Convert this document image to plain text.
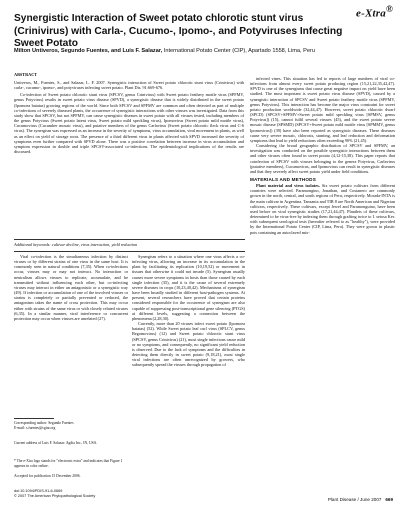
e-Xtra®
Synergistic Interaction of Sweet potato chlorotic stunt virus (Crinivirus) with Carla-, Cucumo-, Ipomo-, and Potyviruses Infecting Sweet Potato
Milton Untiveros, Segundo Fuentes, and Luis F. Salazar, International Potato Center (CIP), Apartado 1558, Lima, Peru

ABSTRACT

Untiveros, M., Fuentes, S., and Salazar, L. F. 2007. Synergistic interaction of Sweet potato chlorotic stunt virus (Crinivirus) with carla-, cucumo-, ipomo-, and potyviruses infecting sweet potato. Plant Dis. 91:669-676.

Co-infection of Sweet potato chlorotic stunt virus (SPCSV, genus Crinivirus) with Sweet potato feathery mottle virus (SPFMV, genus Potyvirus) results in sweet potato virus disease (SPVD), a synergistic disease that is widely distributed in the sweet potato (Ipomoea batatas) growing regions of the world. Since both SPCSV and SPFMV are common and often detected as part of multiple co-infections of severely diseased plants, the occurrence of synergistic interactions with other viruses was investigated. Data from this study show that SPCSV, but not SPFMV, can cause synergistic diseases in sweet potato with all viruses tested, including members of the genus Potyvirus (Sweet potato latent virus, Sweet potato mild speckling virus), Ipomovirus (Sweet potato mild mottle virus), Cucumovirus (Cucumber mosaic virus), and putative members of the genus Carlavirus (Sweet potato chlorotic fleck virus and C-6 virus). The synergism was expressed as an increase in the severity of symptoms, virus accumulation, viral movement in plants, as well as an effect on yield of storage roots. The presence of a third different virus in plants affected with SPVD increased the severity of symptoms even further compared with SPVD alone. There was a positive correlation between increase in virus accumulation and symptom expression in double and triple SPCSV-associated co-infections. The epidemiological implications of the results are discussed.

Additional keywords: cultivar decline, virus interaction, yield reduction

Viral co-infection is the simultaneous infection by distinct viruses or by different strains of one virus in the same host. It is commonly seen in natural conditions (7,35). When co-infections occur, viruses may or may not interact. No interaction or neutralism allows viruses to replicate, accumulate, and be transmitted without influencing each other, but co-infecting viruses may interact in either an antagonistic or a synergistic way (49). If infection or accumulation of one of the involved viruses or strains is completely or partially prevented or reduced, the antagonism takes the name of cross protection. This may occur either with strains of the same virus or with closely related viruses (6,35). In a similar manner, viral interference or concurrent protection may occur when viruses are unrelated (27).

Synergism refers to a situation where one virus affects a co-infecting virus, allowing an increase in its accumulation in the plant by facilitating its replication (10,19,52) or movement in tissues that otherwise it could not invade (5). Synergism usually causes more severe symptoms in hosts than those caused by each single infection (35), and it is the cause of several extremely severe diseases in crops (10,23,40,42). Mechanisms of synergism have been broadly studied in different host-pathogen systems. At present, several researchers have proved that certain proteins considered responsible for the occurrence of synergism are also capable of suppressing post-transcriptional gene silencing (PTGS) at different levels, suggesting a connection between the phenomena (2,28,30).

Currently, more than 20 viruses infect sweet potato (Ipomoea batatas) (52). While Sweet potato leaf curl virus (SPLCV, genus Begomovirus) (12) and Sweet potato chlorotic stunt virus (SPCSV, genus Crinivirus) (21), most single infections cause mild or no symptoms, and consequently, no significant yield reduction is observed. Due to the lack of symptoms and the difficulties in detecting them directly in sweet potato (9,18,21), most single viral infections are often unrecognized by growers, who subsequently spread the viruses through propagation of

infected vines. This situation has led to reports of large numbers of viral co-infections from almost every sweet potato producing region (15,21,22,35,42,47). SPVD is one of the synergisms that cause great negative impact on yield have been studied. The most important is sweet potato virus disease (SPVD), caused by a synergistic interaction of SPCSV and Sweet potato feathery mottle virus (SPFMV, genus Potyvirus). This interaction has become the major virus constraint for sweet potato production worldwide (32,44,47). However, sweet potato chlorotic dwarf (SPCD) (SPCSV+SPFMV+Sweet potato mild speckling virus [SPMSV, genus Potyvirus]) (15), cannot fulfil several viruses (45), and the sweet potato severe mosaic disease (SPSMD) (SPCSV+Sweet potato mild mottle virus [SPMMV, genus Ipomovirus]) (39) have also been reported as synergistic diseases. These diseases cause very severe mosaic, chlorosis, stunting, and leaf reduction and deformation symptoms that lead to yield reductions often exceeding 90% (21,45).

Considering the broad geographic distribution of SPCSV and SPFMV, an investigation was conducted on the possible synergistic interactions between them and other viruses often found in sweet potato (4,12-15,38). This paper reports that coinfection of SPCSV with viruses belonging to the genera Potyvirus, Carlavirus (putative members), Cucumovirus, and Ipomovirus can result in synergistic diseases and that they severely affect sweet potato yield under field conditions.

MATERIALS AND METHODS

Plant material and virus isolates. Six sweet potato cultivars from different countries were selected. Paramongino, Jonathan, and Costanero are commonly grown in the north, central, and south regions of Peru, respectively. Morada-INTA is the main cultivar in Argentina. Tanzania and TIB 8 are North American and Nigerian cultivars, respectively. These cultivars, except Jewel and Paramonguino, have been used before on viral synergistic studies (17,21,44,47). Plantlets of these cultivars, determined to be virus-free by indexing them through grafting twice to I. setosa Ker. with subsequent serological tests (hereafter referred to as "healthy"), were provided by the International Potato Center (CIP, Lima, Peru). They were grown in plastic pots containing an autoclaved mix-

Corresponding author: Segundo Fuentes
E-mail: s.fuentes@cgiar.org
Current address of Luis F. Salazar: Agdia Inc., IN, USA.
* The e-Xtra logo stands for "electronic extra" and indicates that Figure 1 appears in color online.
Accepted for publication 15 December 2006.
doi:10.1094/PDIS-91-6-0669
© 2007 The American Phytopathological Society
Plant Disease / June 2007 669
